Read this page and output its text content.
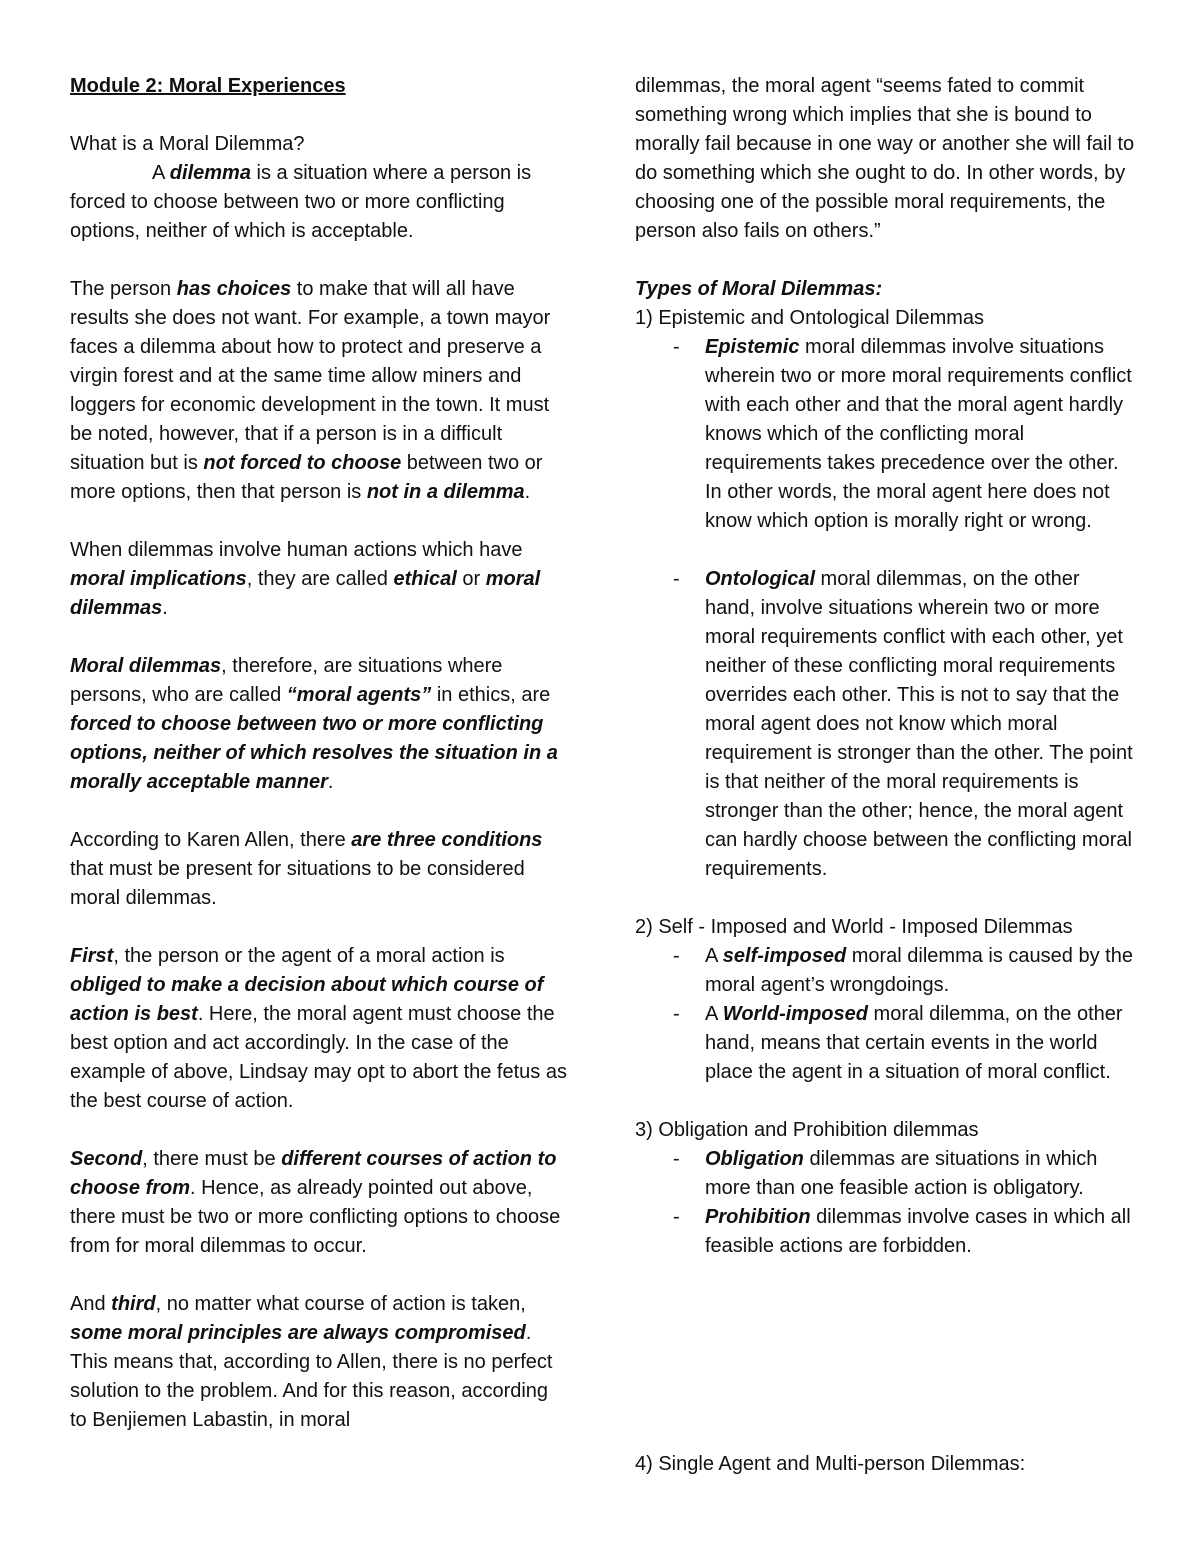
Module 2: Moral Experiences

What is a Moral Dilemma?

A dilemma is a situation where a person is forced to choose between two or more conflicting options, neither of which is acceptable.

The person has choices to make that will all have results she does not want. For example, a town mayor faces a dilemma about how to protect and preserve a virgin forest and at the same time allow miners and loggers for economic development in the town. It must be noted, however, that if a person is in a difficult situation but is not forced to choose between two or more options, then that person is not in a dilemma.

When dilemmas involve human actions which have moral implications, they are called ethical or moral dilemmas.

Moral dilemmas, therefore, are situations where persons, who are called “moral agents” in ethics, are forced to choose between two or more conflicting options, neither of which resolves the situation in a morally acceptable manner.

According to Karen Allen, there are three conditions that must be present for situations to be considered moral dilemmas.

First, the person or the agent of a moral action is obliged to make a decision about which course of action is best. Here, the moral agent must choose the best option and act accordingly. In the case of the example of above, Lindsay may opt to abort the fetus as the best course of action.

Second, there must be different courses of action to choose from. Hence, as already pointed out above, there must be two or more conflicting options to choose from for moral dilemmas to occur.

And third, no matter what course of action is taken, some moral principles are always compromised. This means that, according to Allen, there is no perfect solution to the problem. And for this reason, according to Benjiemen Labastin, in moral

dilemmas, the moral agent “seems fated to commit something wrong which implies that she is bound to morally fail because in one way or another she will fail to do something which she ought to do. In other words, by choosing one of the possible moral requirements, the person also fails on others.”

Types of Moral Dilemmas:

1) Epistemic and Ontological Dilemmas

-	Epistemic moral dilemmas involve situations wherein two or more moral requirements conflict with each other and that the moral agent hardly knows which of the conflicting moral requirements takes precedence over the other. In other words, the moral agent here does not know which option is morally right or wrong.
-	Ontological moral dilemmas, on the other hand, involve situations wherein two or more moral requirements conflict with each other, yet neither of these conflicting moral requirements overrides each other. This is not to say that the moral agent does not know which moral requirement is stronger than the other. The point is that neither of the moral requirements is stronger than the other; hence, the moral agent can hardly choose between the conflicting moral requirements.

2) Self - Imposed and World - Imposed Dilemmas

-	A self-imposed moral dilemma is caused by the moral agent’s wrongdoings.
-	A World-imposed moral dilemma, on the other hand, means that certain events in the world place the agent in a situation of moral conflict.

3) Obligation and Prohibition dilemmas

-	Obligation dilemmas are situations in which more than one feasible action is obligatory.
-	Prohibition dilemmas involve cases in which all feasible actions are forbidden.

4) Single Agent and Multi-person Dilemmas:
